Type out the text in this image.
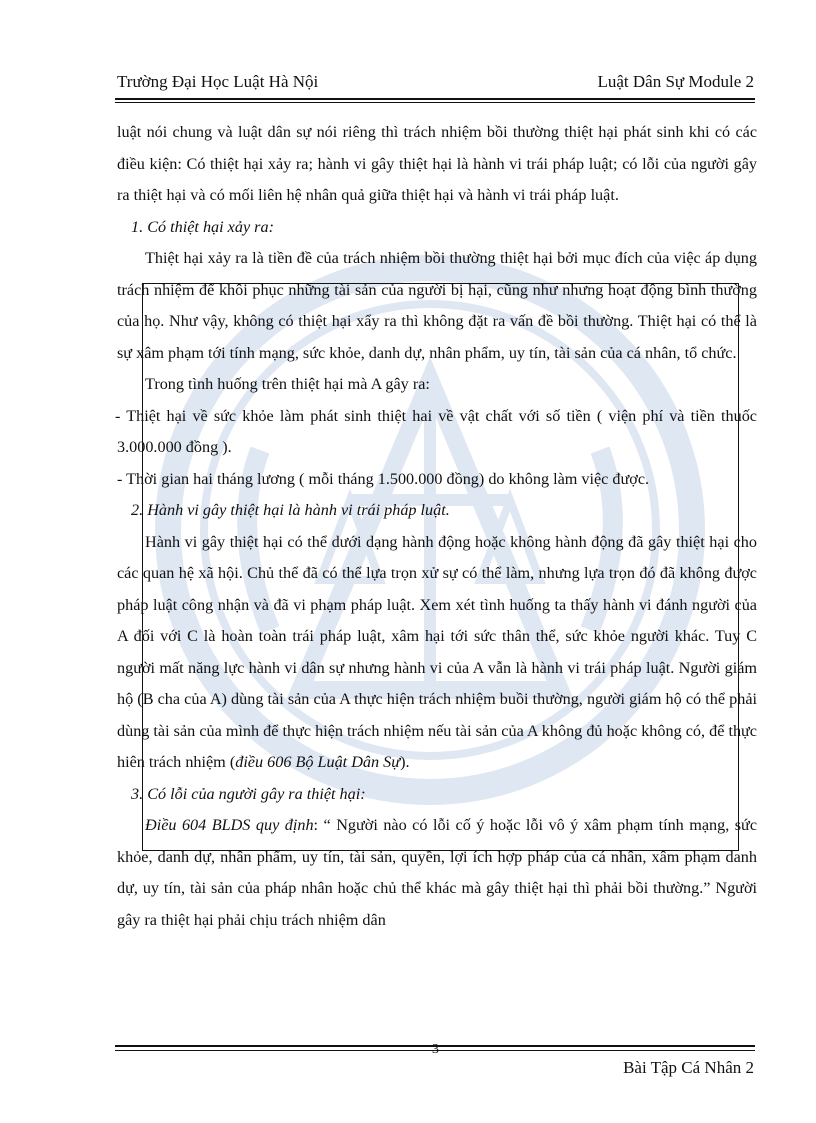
Trường Đại Học Luật Hà Nội	Luật Dân Sự Module 2

luật nói chung và luật dân sự nói riêng thì trách nhiệm bồi thường thiệt hại phát sinh khi có các điều kiện: Có thiệt hại xảy ra; hành vi gây thiệt hại là hành vi trái pháp luật; có lỗi của người gây ra thiệt hại và có mối liên hệ nhân quả giữa thiệt hại và hành vi trái pháp luật.

1. Có thiệt hại xảy ra:

Thiệt hại xảy ra là tiền đề của trách nhiệm bồi thường thiệt hại bởi mục đích của việc áp dụng trách nhiệm để khôi phục những tài sản của người bị hại, cũng như nhưng hoạt động bình thường của họ. Như vậy, không có thiệt hại xẩy ra thì không đặt ra vấn đề bồi thường. Thiệt hại có thể là sự xâm phạm tới tính mạng, sức khỏe, danh dự, nhân phẩm, uy tín, tài sản của cá nhân, tổ chức.

Trong tình huống trên thiệt hại mà A gây ra:

- Thiệt hại về sức khỏe làm phát sinh thiệt hai về vật chất với số tiền ( viện phí và tiền thuốc 3.000.000 đồng ).

- Thời gian hai tháng lương ( mỗi tháng 1.500.000 đồng) do không làm việc được.

2. Hành vi gây thiệt hại là hành vi trái pháp luật.

Hành vi gây thiệt hại có thể dưới dạng hành động hoặc không hành động đã gây thiệt hại cho các quan hệ xã hội. Chủ thể đã có thể lựa trọn xử sự có thể làm, nhưng lựa trọn đó đã không được pháp luật công nhận và đã vi phạm pháp luật. Xem xét tình huống ta thấy hành vi đánh người của A đối với C là hoàn toàn trái pháp luật, xâm hại tới sức thân thể, sức khỏe người khác. Tuy C người mất năng lực hành vi dân sự nhưng hành vi của A vẫn là hành vi trái pháp luật. Người giám hộ (B cha của A) dùng tài sản của A thực hiện trách nhiệm buồi thường, người giám hộ có thể phải dùng tài sản của mình để thực hiện trách nhiệm nếu tài sản của A không đủ hoặc không có, để thực hiên trách nhiệm (điều 606 Bộ Luật Dân Sự).

3. Có lỗi của người gây ra thiệt hại:

Điều 604 BLDS quy định: “ Người nào có lỗi cố ý hoặc lỗi vô ý xâm phạm tính mạng, sức khỏe, danh dự, nhân phẩm, uy tín, tài sản, quyền, lợi ích hợp pháp của cá nhân, xâm phạm danh dự, uy tín, tài sản của pháp nhân hoặc chủ thể khác mà gây thiệt hại thì phải bồi thường.” Người gây ra thiệt hại phải chịu trách nhiệm dân

3
Bài Tập Cá Nhân 2
